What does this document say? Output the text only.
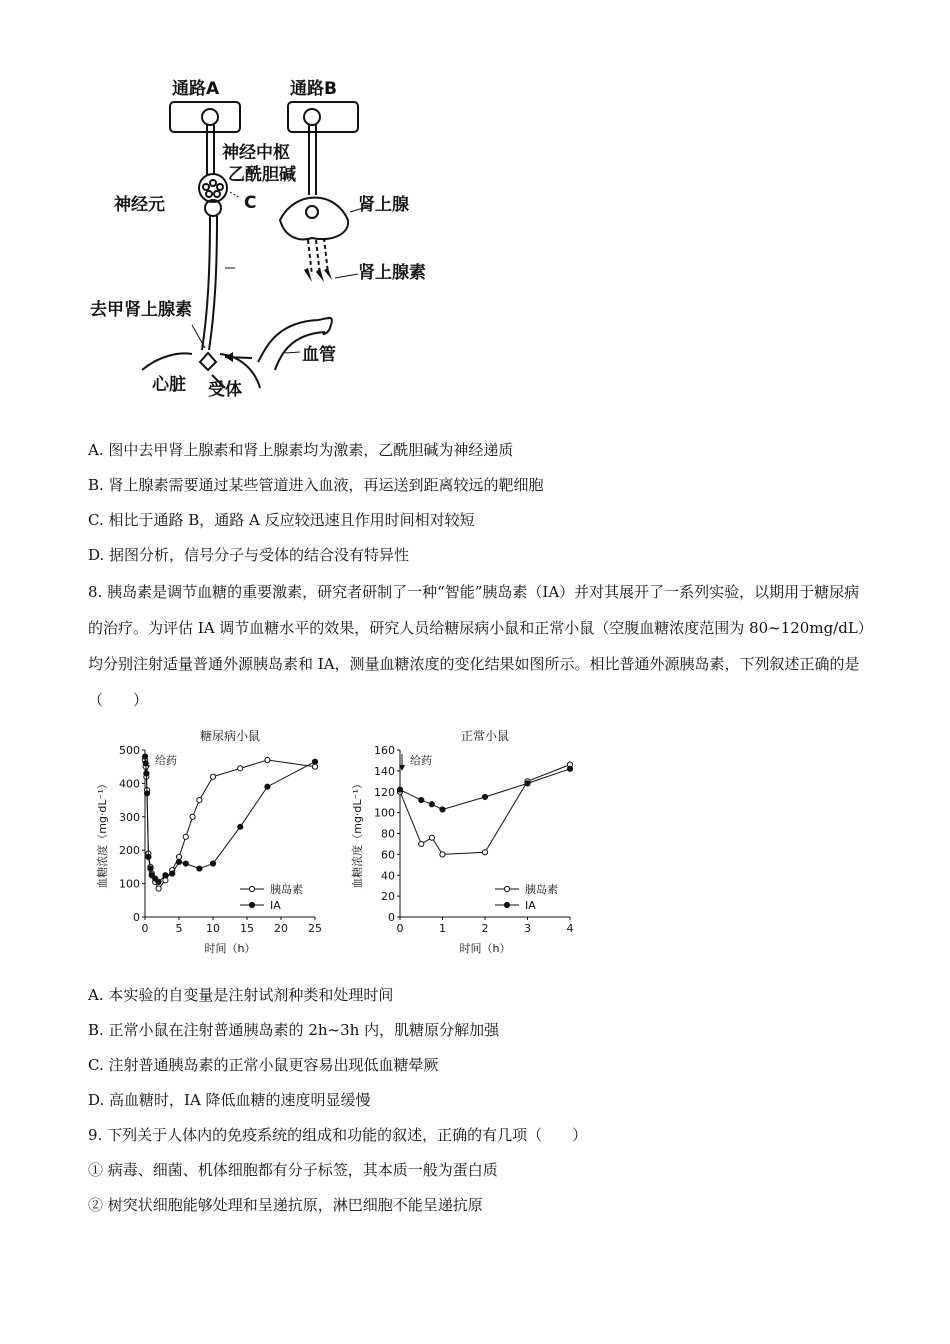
通路A	通路B
神经中枢
乙酰胆碱
神经元	C	肾上腺
肾上腺素
去甲肾上腺素
血管
心脏 受体
A. 图中去甲肾上腺素和肾上腺素均为激素，乙酰胆碱为神经递质
B. 肾上腺素需要通过某些管道进入血液，再运送到距离较远的靶细胞
C. 相比于通路 B，通路 A 反应较迅速且作用时间相对较短
D. 据图分析，信号分子与受体的结合没有特异性
8. 胰岛素是调节血糖的重要激素，研究者研制了一种“智能”胰岛素（IA）并对其展开了一系列实验，以期用于糖尿病的治疗。为评估 IA 调节血糖水平的效果，研究人员给糖尿病小鼠和正常小鼠（空腹血糖浓度范围为 80~120mg/dL）均分别注射适量普通外源胰岛素和 IA，测量血糖浓度的变化结果如图所示。相比普通外源胰岛素，下列叙述正确的是（　　）
糖尿病小鼠
0
100
200
300
400
500
0 5 10 15 20 25
时间（h）
血糖浓度（mg·dL⁻¹）
给药
胰岛素
IA
正常小鼠
0
20
40
60
80
100
120
140
160
0	1	2	3	4
时间（h）
血糖浓度（mg·dL⁻¹）
给药
胰岛素
IA
A. 本实验的自变量是注射试剂种类和处理时间
B. 正常小鼠在注射普通胰岛素的 2h~3h 内，肌糖原分解加强
C. 注射普通胰岛素的正常小鼠更容易出现低血糖晕厥
D. 高血糖时，IA 降低血糖的速度明显缓慢
9. 下列关于人体内的免疫系统的组成和功能的叙述，正确的有几项（　　）
① 病毒、细菌、机体细胞都有分子标签，其本质一般为蛋白质
② 树突状细胞能够处理和呈递抗原，淋巴细胞不能呈递抗原
